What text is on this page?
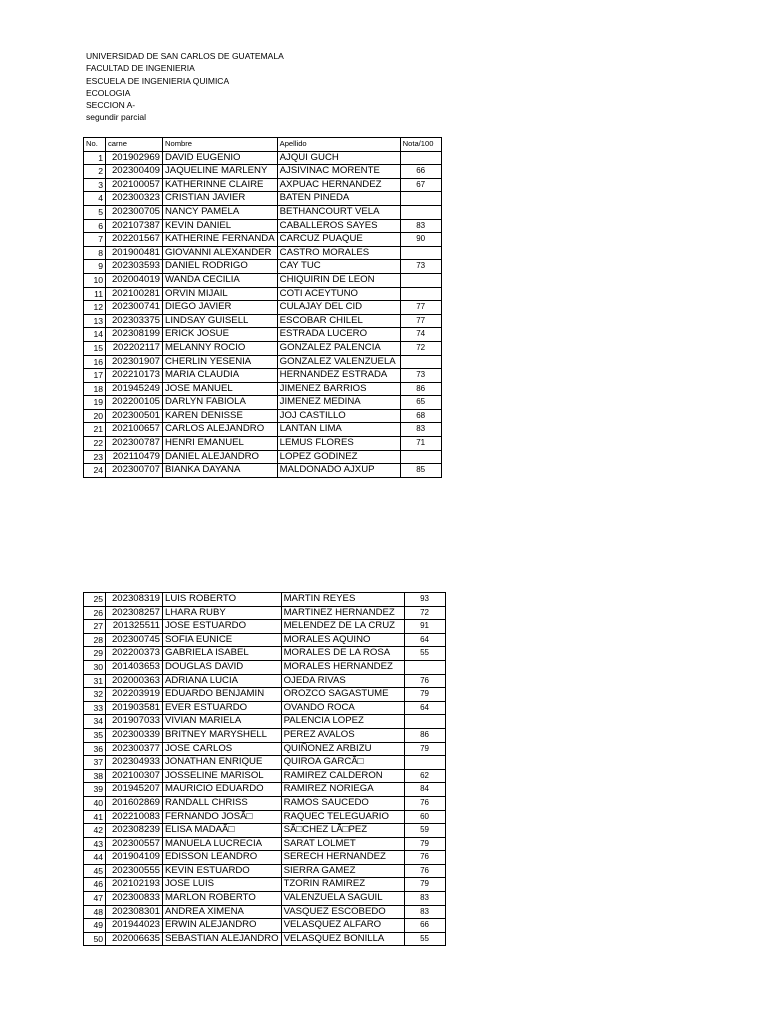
UNIVERSIDAD DE SAN CARLOS DE GUATEMALA
FACULTAD DE INGENIERIA
ESCUELA DE INGENIERIA QUIMICA
ECOLOGIA
SECCION A-
segundir parcial
No.	carne	Nombre	Apellido	Nota/100
1	201902969	DAVID EUGENIO	AJQUI GUCH	
2	202300409	JAQUELINE MARLENY	AJSIVINAC MORENTE	66
3	202100057	KATHERINNE CLAIRE	AXPUAC HERNANDEZ	67
4	202300323	CRISTIAN JAVIER	BATEN PINEDA	
5	202300705	NANCY PAMELA	BETHANCOURT VELA	
6	202107387	KEVIN DANIEL	CABALLEROS SAYES	83
7	202201567	KATHERINE FERNANDA	CARCUZ PUAQUE	90
8	201900481	GIOVANNI ALEXANDER	CASTRO MORALES	
9	202303593	DANIEL RODRIGO	CAY TUC	73
10	202004019	WANDA CECILIA	CHIQUIRIN DE LEON	
11	202100281	ORVIN MIJAIL	COTI ACEYTUNO	
12	202300741	DIEGO JAVIER	CULAJAY DEL CID	77
13	202303375	LINDSAY GUISELL	ESCOBAR CHILEL	77
14	202308199	ERICK JOSUE	ESTRADA LUCERO	74
15	202202117	MELANNY ROCIO	GONZALEZ PALENCIA	72
16	202301907	CHERLIN YESENIA	GONZALEZ VALENZUELA	
17	202210173	MARIA CLAUDIA	HERNANDEZ ESTRADA	73
18	201945249	JOSE MANUEL	JIMENEZ BARRIOS	86
19	202200105	DARLYN FABIOLA	JIMENEZ MEDINA	65
20	202300501	KAREN DENISSE	JOJ CASTILLO	68
21	202100657	CARLOS ALEJANDRO	LANTAN LIMA	83
22	202300787	HENRI EMANUEL	LEMUS FLORES	71
23	202110479	DANIEL ALEJANDRO	LOPEZ GODINEZ	
24	202300707	BIANKA DAYANA	MALDONADO AJXUP	85
25	202308319	LUIS ROBERTO	MARTIN REYES	93
26	202308257	LHARA RUBY	MARTINEZ HERNANDEZ	72
27	201325511	JOSE ESTUARDO	MELENDEZ DE LA CRUZ	91
28	202300745	SOFIA EUNICE	MORALES AQUINO	64
29	202200373	GABRIELA ISABEL	MORALES DE LA ROSA	55
30	201403653	DOUGLAS DAVID	MORALES HERNANDEZ	
31	202000363	ADRIANA LUCIA	OJEDA RIVAS	76
32	202203919	EDUARDO BENJAMIN	OROZCO SAGASTUME	79
33	201903581	EVER ESTUARDO	OVANDO ROCA	64
34	201907033	VIVIAN MARIELA	PALENCIA LOPEZ	
35	202300339	BRITNEY MARYSHELL	PEREZ AVALOS	86
36	202300377	JOSE CARLOS	QUIÑONEZ ARBIZU	79
37	202304933	JONATHAN ENRIQUE	QUIROA GARCÃ□	
38	202100307	JOSSELINE MARISOL	RAMIREZ CALDERON	62
39	201945207	MAURICIO EDUARDO	RAMIREZ NORIEGA	84
40	201602869	RANDALL CHRISS	RAMOS SAUCEDO	76
41	202210083	FERNANDO JOSÃ□	RAQUEC TELEGUARIO	60
42	202308239	ELISA MADAÃ□	SÃ□CHEZ LÃ□PEZ	59
43	202300557	MANUELA LUCRECIA	SARAT LOLMET	79
44	201904109	EDISSON LEANDRO	SERECH HERNANDEZ	76
45	202300555	KEVIN ESTUARDO	SIERRA GAMEZ	76
46	202102193	JOSE LUIS	TZORIN RAMIREZ	79
47	202300833	MARLON ROBERTO	VALENZUELA SAGUIL	83
48	202308301	ANDREA XIMENA	VASQUEZ ESCOBEDO	83
49	201944023	ERWIN ALEJANDRO	VELASQUEZ ALFARO	66
50	202006635	SEBASTIAN ALEJANDRO	VELASQUEZ BONILLA	55
